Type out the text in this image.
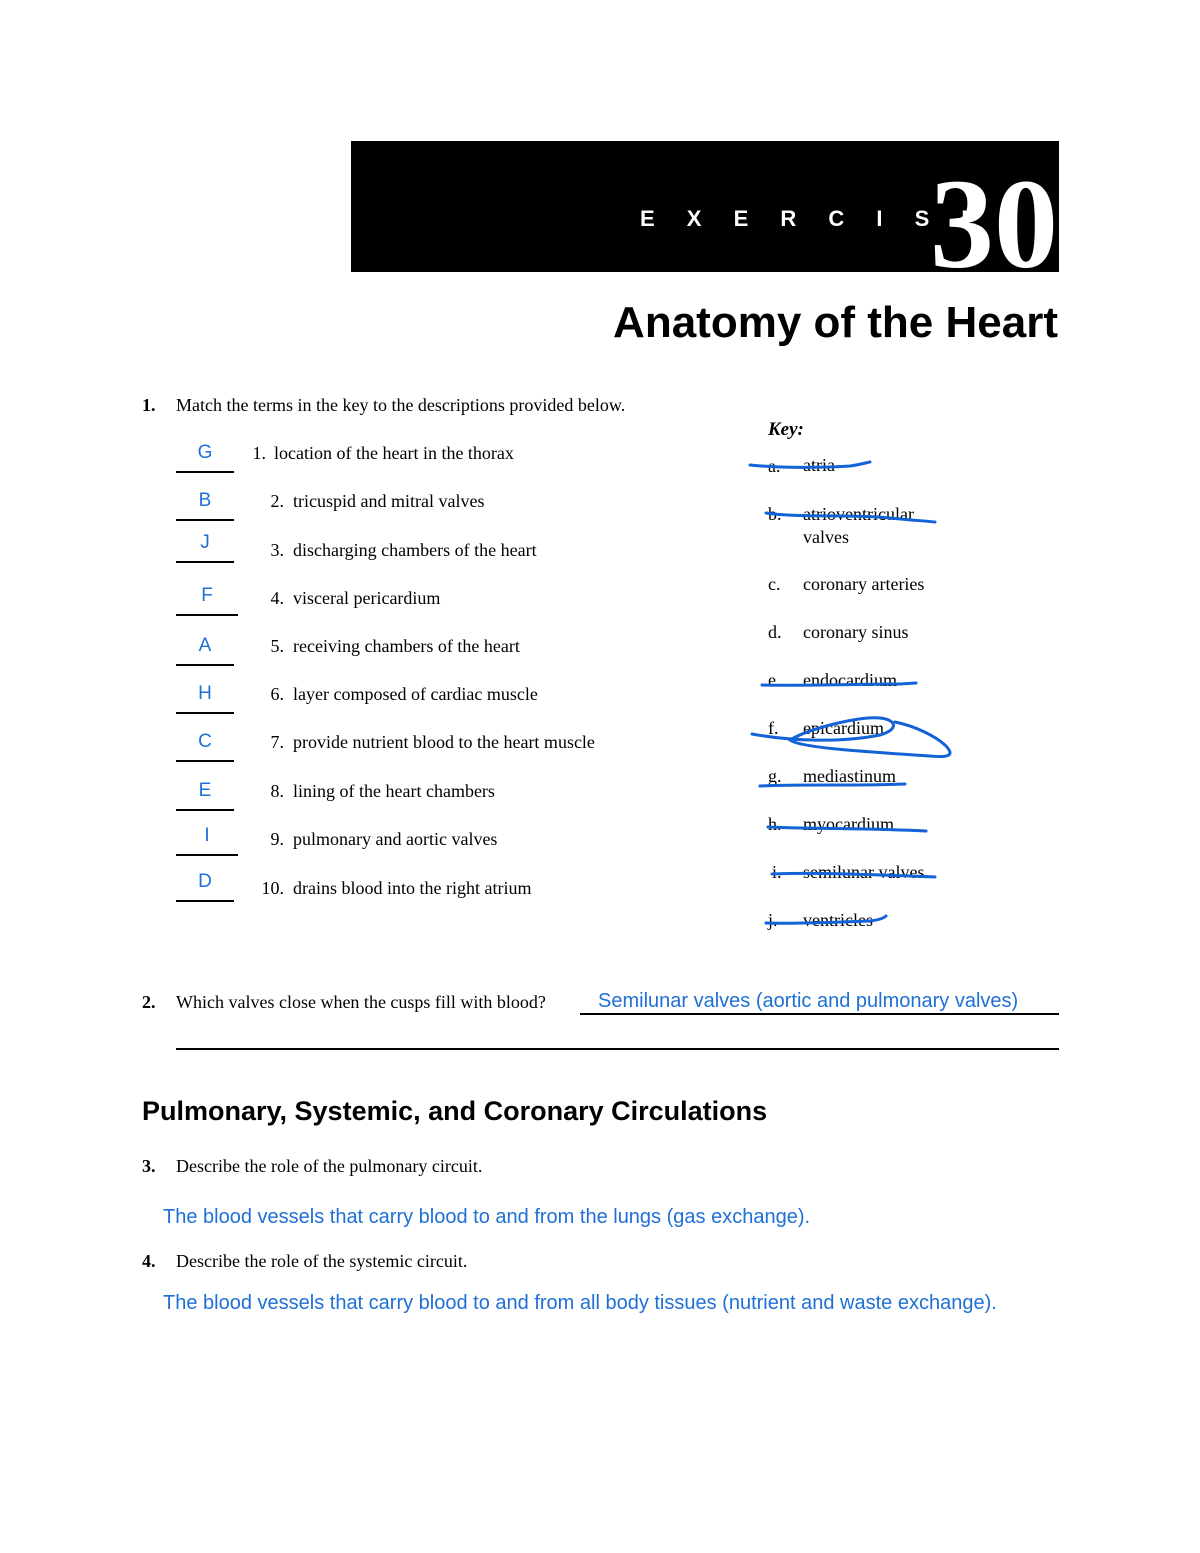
E X E R C I S E
30
Anatomy of the Heart
1. Match the terms in the key to the descriptions provided below.
G
B
J
F
A
H
C
E
I
D
1. location of the heart in the thorax
2. tricuspid and mitral valves
3. discharging chambers of the heart
4. visceral pericardium
5. receiving chambers of the heart
6. layer composed of cardiac muscle
7. provide nutrient blood to the heart muscle
8. lining of the heart chambers
9. pulmonary and aortic valves
10. drains blood into the right atrium
Key:
a. atria
b. atrioventricular
valves
c. coronary arteries
d. coronary sinus
e. endocardium
f. epicardium
g. mediastinum
h. myocardium
i. semilunar valves
j. ventricles
2. Which valves close when the cusps fill with blood?	Semilunar valves (aortic and pulmonary valves)
Pulmonary, Systemic, and Coronary Circulations
3. Describe the role of the pulmonary circuit.
The blood vessels that carry blood to and from the lungs (gas exchange).
4. Describe the role of the systemic circuit.
The blood vessels that carry blood to and from all body tissues (nutrient and waste exchange).
